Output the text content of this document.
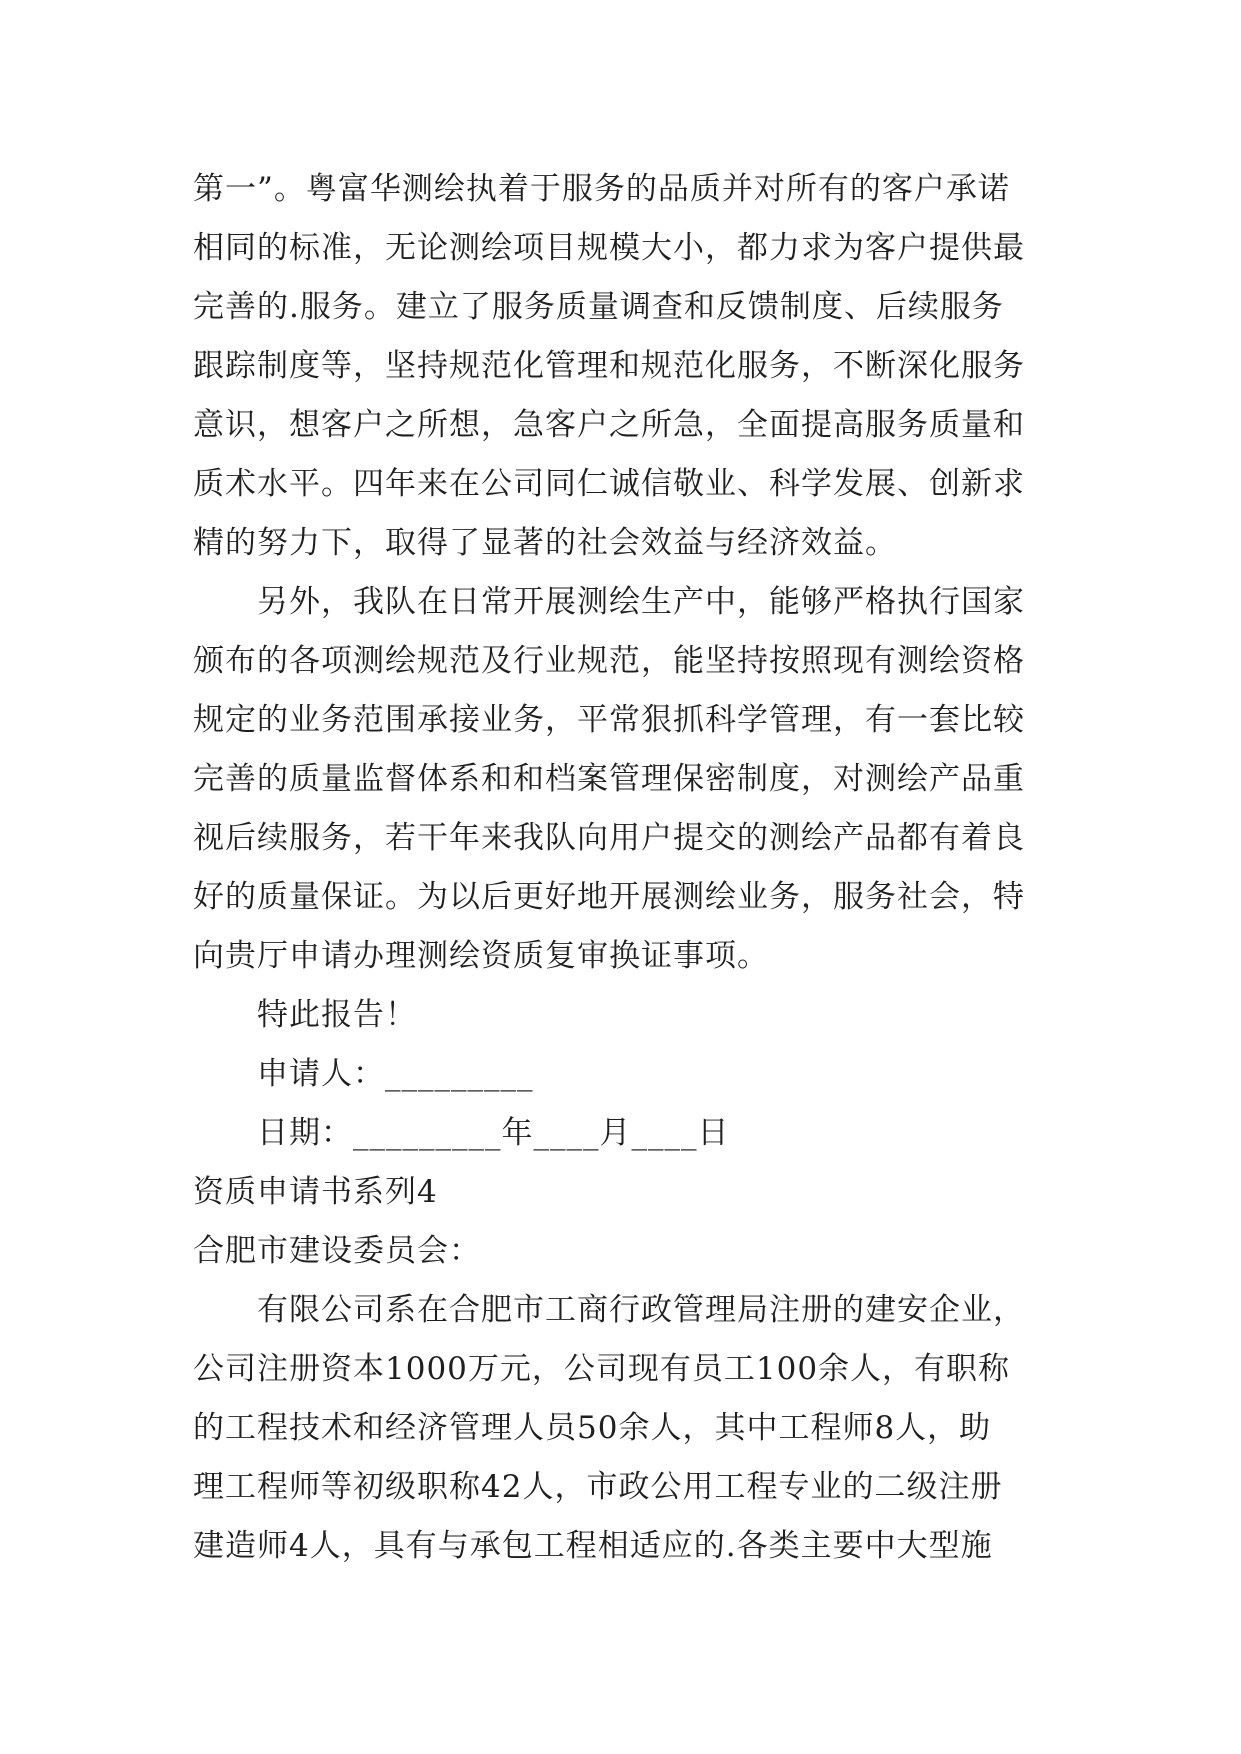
第一”。粤富华测绘执着于服务的品质并对所有的客户承诺
相同的标准，无论测绘项目规模大小，都力求为客户提供最
完善的.服务。建立了服务质量调查和反馈制度、后续服务
跟踪制度等，坚持规范化管理和规范化服务，不断深化服务
意识，想客户之所想，急客户之所急，全面提高服务质量和
质术水平。四年来在公司同仁诚信敬业、科学发展、创新求
精的努力下，取得了显著的社会效益与经济效益。
另外，我队在日常开展测绘生产中，能够严格执行国家
颁布的各项测绘规范及行业规范，能坚持按照现有测绘资格
规定的业务范围承接业务，平常狠抓科学管理，有一套比较
完善的质量监督体系和和档案管理保密制度，对测绘产品重
视后续服务，若干年来我队向用户提交的测绘产品都有着良
好的质量保证。为以后更好地开展测绘业务，服务社会，特
向贵厅申请办理测绘资质复审换证事项。
特此报告！
申请人：_________
日期：_________年____月____日
资质申请书系列4
合肥市建设委员会：
有限公司系在合肥市工商行政管理局注册的建安企业，
公司注册资本1000万元，公司现有员工100余人，有职称
的工程技术和经济管理人员50余人，其中工程师8人，助
理工程师等初级职称42人，市政公用工程专业的二级注册
建造师4人，具有与承包工程相适应的.各类主要中大型施
